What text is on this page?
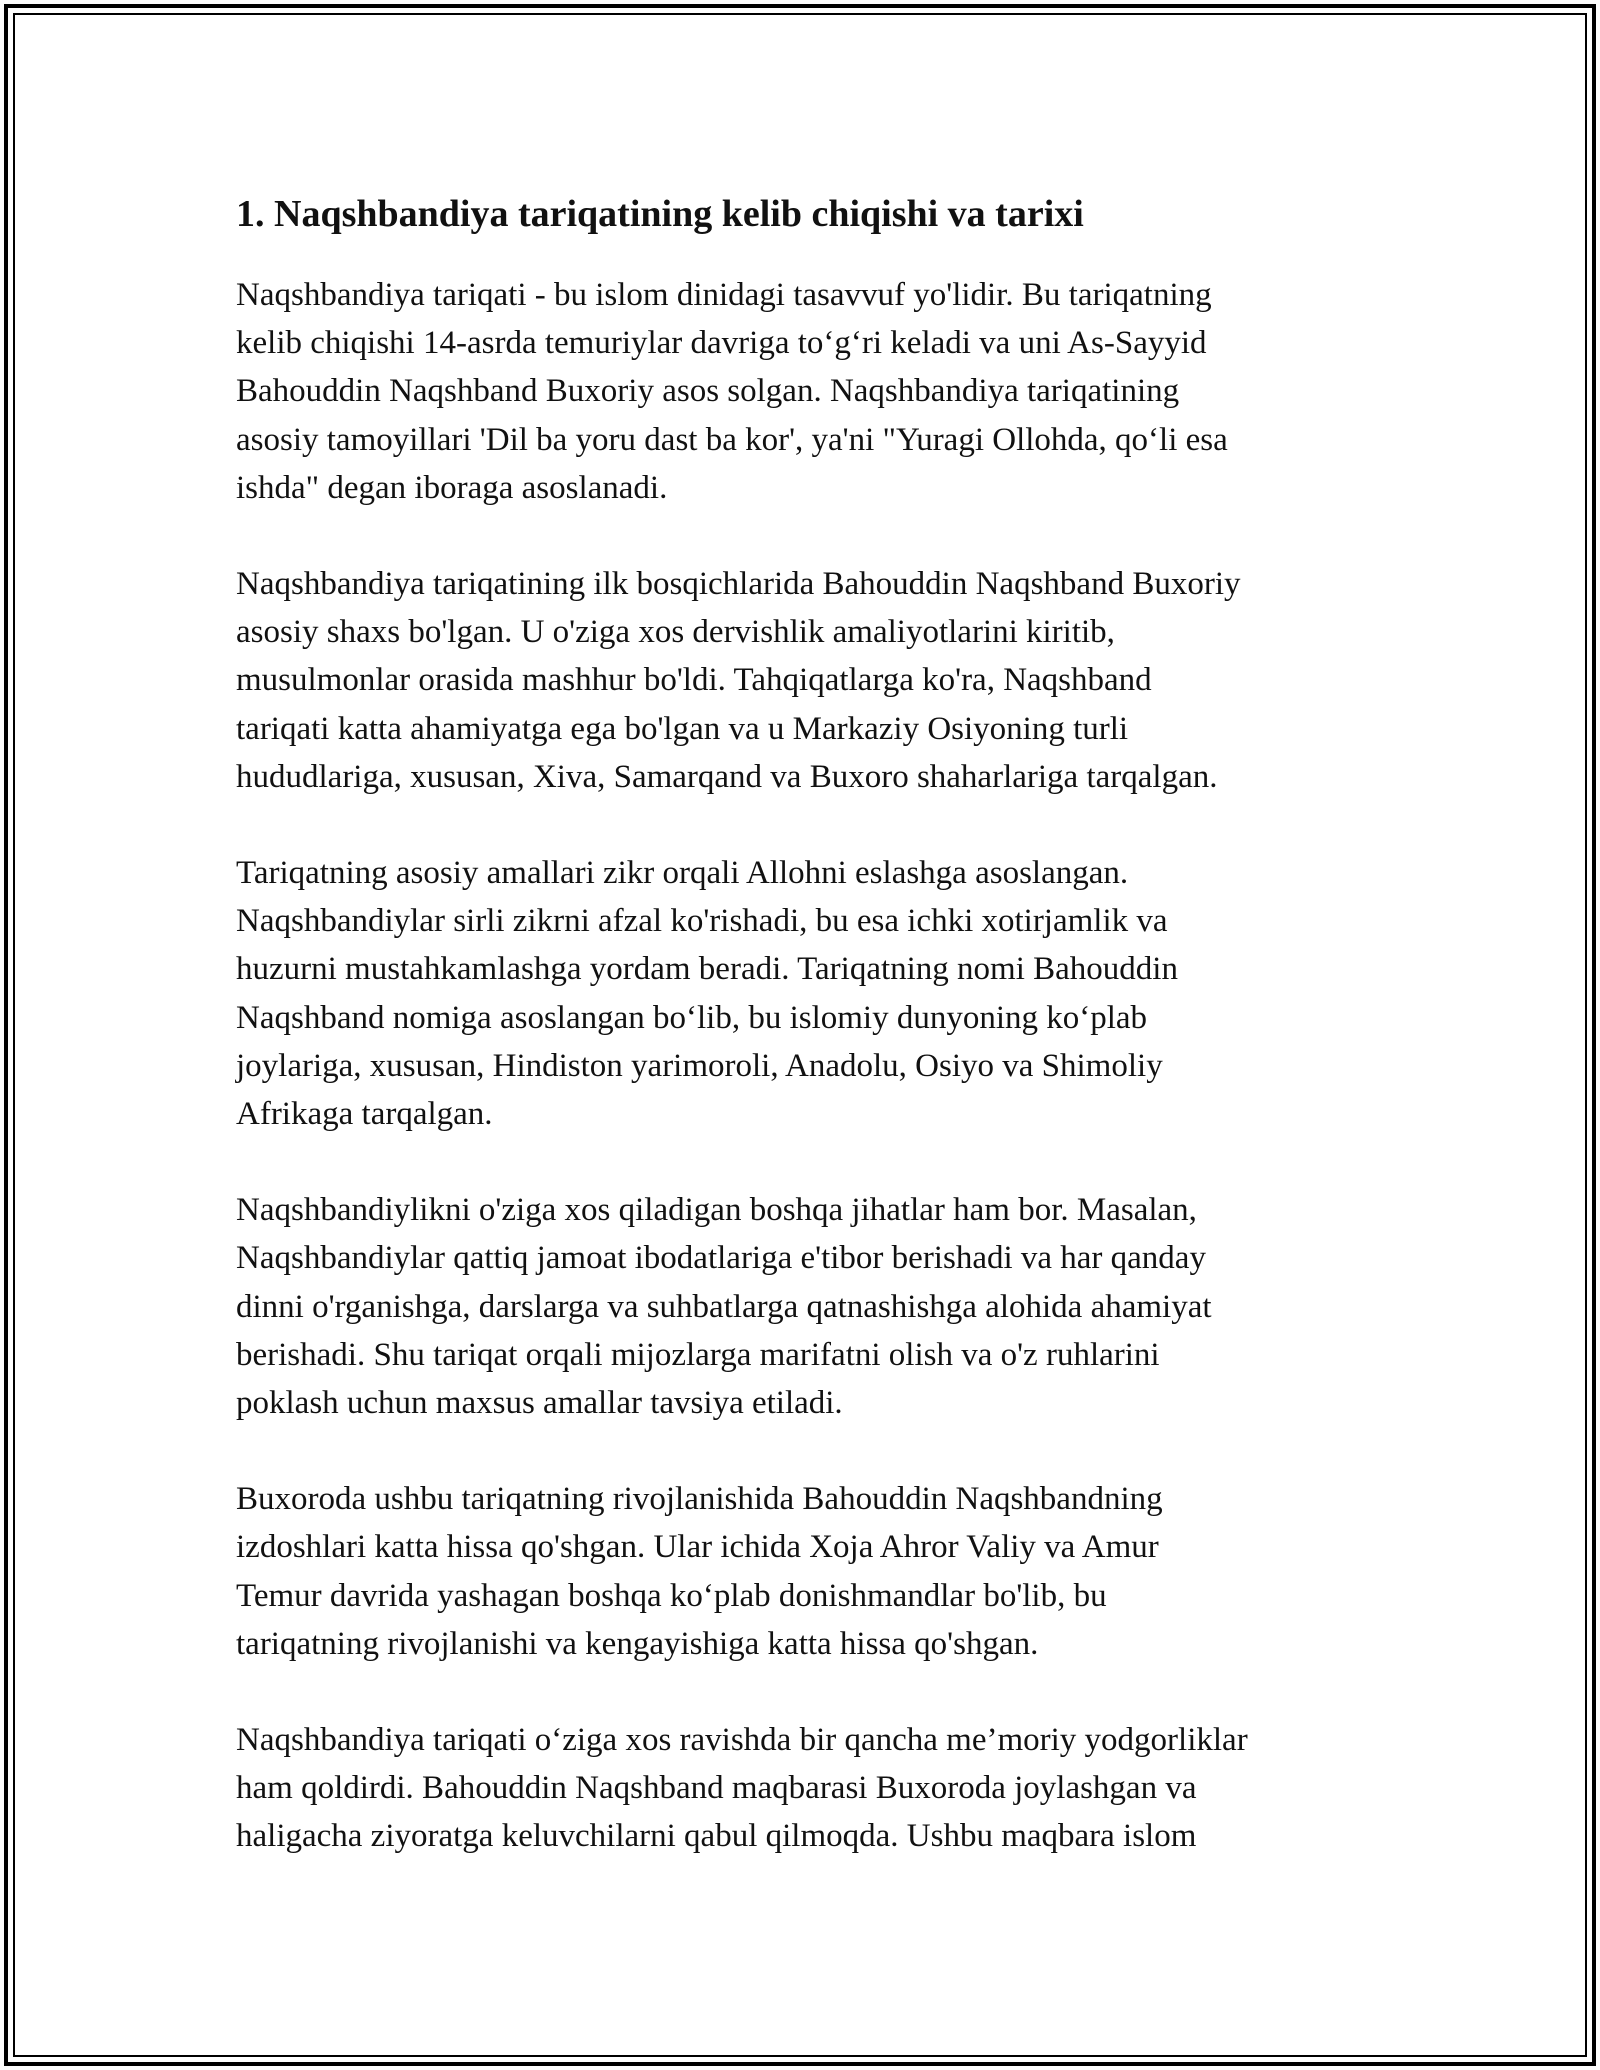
1. Naqshbandiya tariqatining kelib chiqishi va tarixi

Naqshbandiya tariqati - bu islom dinidagi tasavvuf yo'lidir. Bu tariqatning
kelib chiqishi 14-asrda temuriylar davriga to‘g‘ri keladi va uni As-Sayyid
Bahouddin Naqshband Buxoriy asos solgan. Naqshbandiya tariqatining
asosiy tamoyillari 'Dil ba yoru dast ba kor', ya'ni "Yuragi Ollohda, qo‘li esa
ishda" degan iboraga asoslanadi.

Naqshbandiya tariqatining ilk bosqichlarida Bahouddin Naqshband Buxoriy
asosiy shaxs bo'lgan. U o'ziga xos dervishlik amaliyotlarini kiritib,
musulmonlar orasida mashhur bo'ldi. Tahqiqatlarga ko'ra, Naqshband
tariqati katta ahamiyatga ega bo'lgan va u Markaziy Osiyoning turli
hududlariga, xususan, Xiva, Samarqand va Buxoro shaharlariga tarqalgan.

Tariqatning asosiy amallari zikr orqali Allohni eslashga asoslangan.
Naqshbandiylar sirli zikrni afzal ko'rishadi, bu esa ichki xotirjamlik va
huzurni mustahkamlashga yordam beradi. Tariqatning nomi Bahouddin
Naqshband nomiga asoslangan bo‘lib, bu islomiy dunyoning ko‘plab
joylariga, xususan, Hindiston yarimoroli, Anadolu, Osiyo va Shimoliy
Afrikaga tarqalgan.

Naqshbandiylikni o'ziga xos qiladigan boshqa jihatlar ham bor. Masalan,
Naqshbandiylar qattiq jamoat ibodatlariga e'tibor berishadi va har qanday
dinni o'rganishga, darslarga va suhbatlarga qatnashishga alohida ahamiyat
berishadi. Shu tariqat orqali mijozlarga marifatni olish va o'z ruhlarini
poklash uchun maxsus amallar tavsiya etiladi.

Buxoroda ushbu tariqatning rivojlanishida Bahouddin Naqshbandning
izdoshlari katta hissa qo'shgan. Ular ichida Xoja Ahror Valiy va Amur
Temur davrida yashagan boshqa ko‘plab donishmandlar bo'lib, bu
tariqatning rivojlanishi va kengayishiga katta hissa qo'shgan.

Naqshbandiya tariqati o‘ziga xos ravishda bir qancha me’moriy yodgorliklar
ham qoldirdi. Bahouddin Naqshband maqbarasi Buxoroda joylashgan va
haligacha ziyoratga keluvchilarni qabul qilmoqda. Ushbu maqbara islom
